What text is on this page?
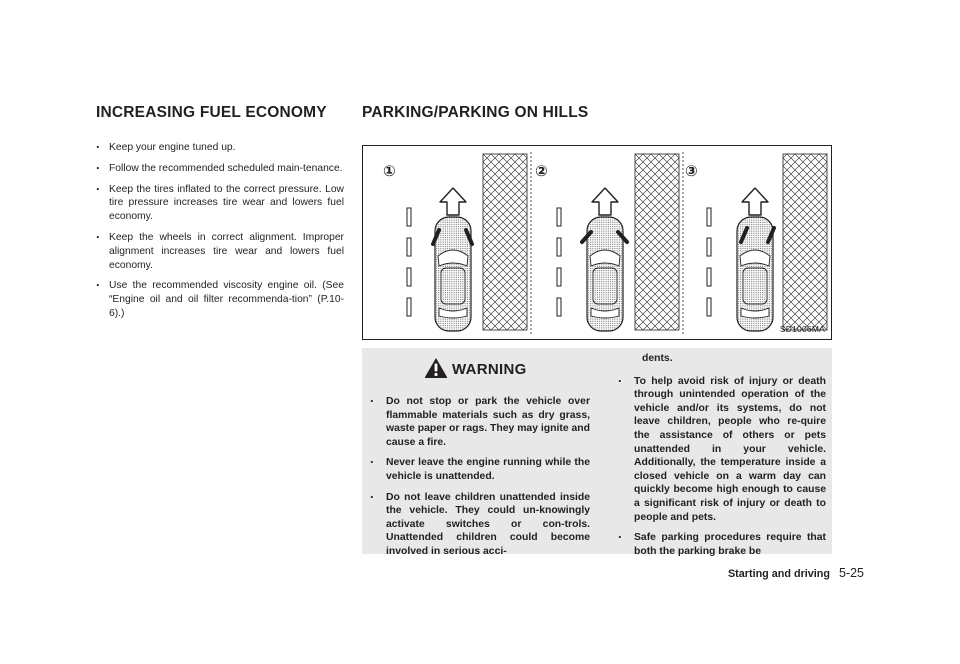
INCREASING FUEL ECONOMY PARKING/PARKING ON HILLS
. Keep your engine tuned up.
. Follow the recommended scheduled main-tenance.
. Keep the tires inflated to the correct pressure. Low tire pressure increases tire wear and lowers fuel economy.
. Keep the wheels in correct alignment. Improper alignment increases tire wear and lowers fuel economy.
. Use the recommended viscosity engine oil. (See “Engine oil and oil filter recommenda-tion” (P.10-6).)
①	②	③
SD1006MA
WARNING
. Do not stop or park the vehicle over flammable materials such as dry grass, waste paper or rags. They may ignite and cause a fire.
. Never leave the engine running while the vehicle is unattended.
. Do not leave children unattended inside the vehicle. They could un-knowingly activate switches or con-trols. Unattended children could become involved in serious acci-
dents.
. To help avoid risk of injury or death through unintended operation of the vehicle and/or its systems, do not leave children, people who re-quire the assistance of others or pets unattended in your vehicle. Additionally, the temperature inside a closed vehicle on a warm day can quickly become high enough to cause a significant risk of injury or death to people and pets.
. Safe parking procedures require that both the parking brake be
Starting and driving 5-25
